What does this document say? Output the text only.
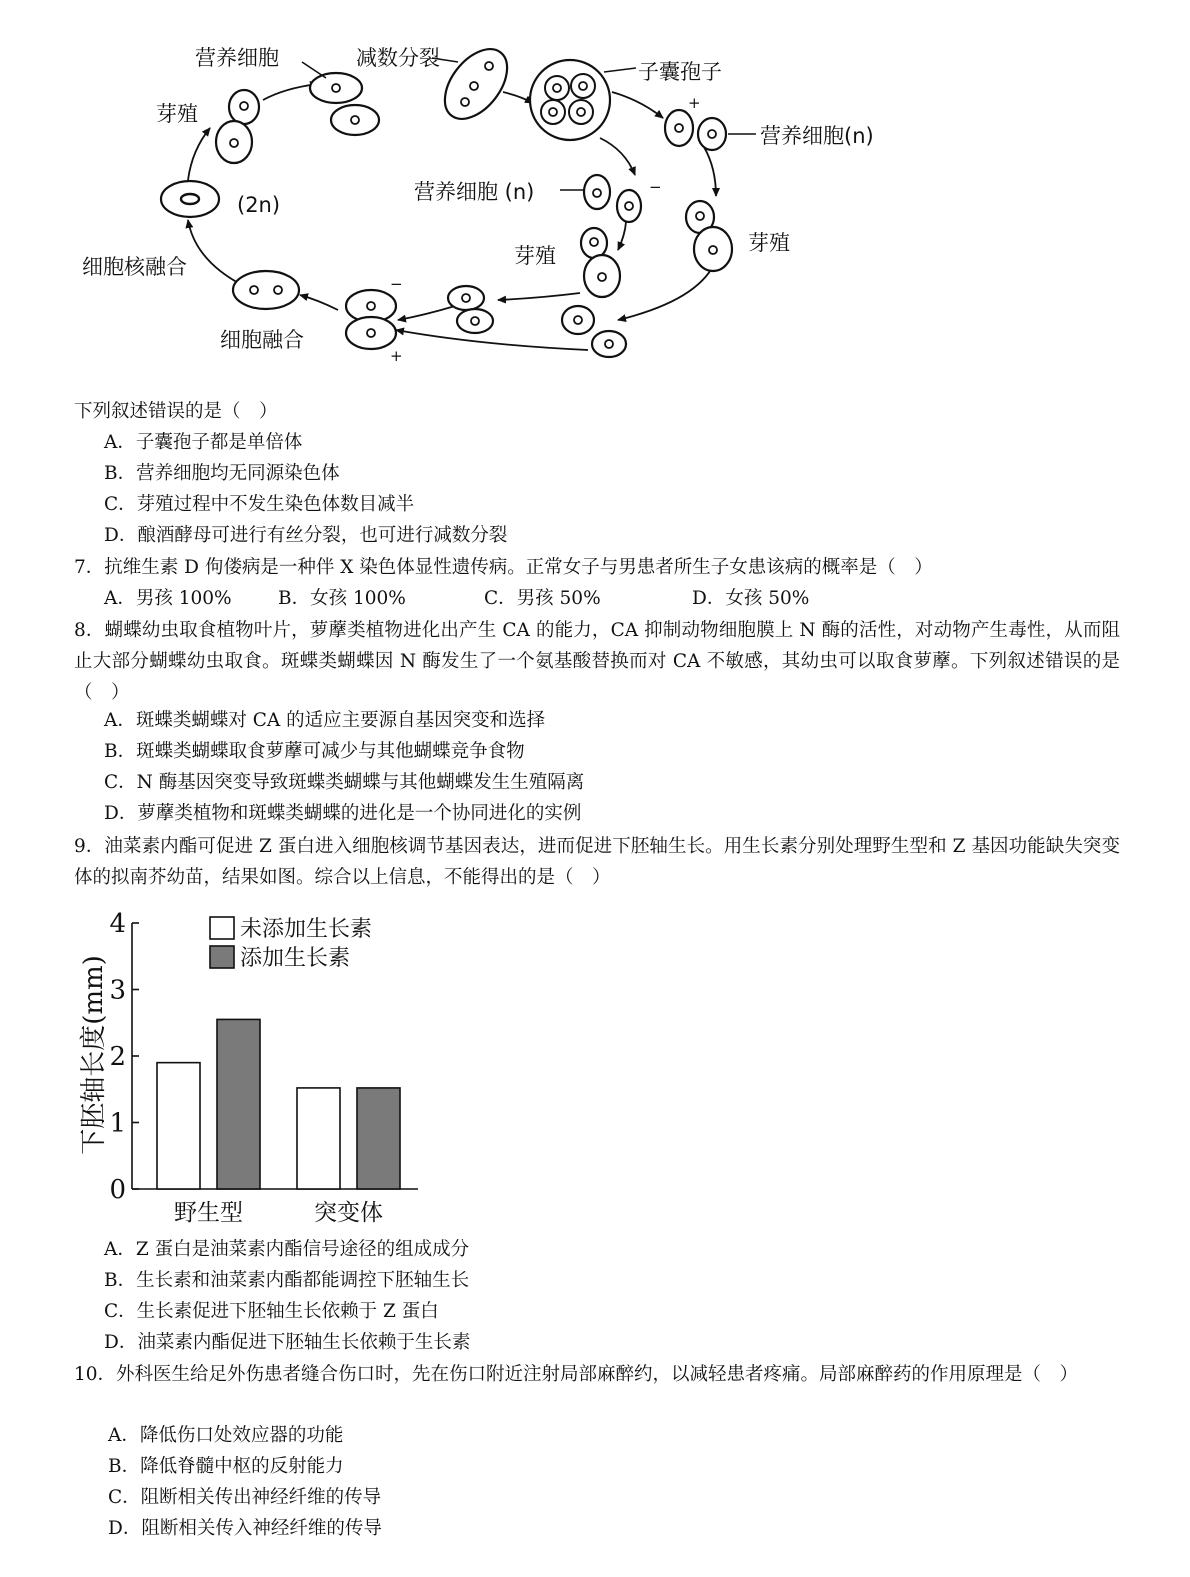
营养细胞	减数分裂
子囊孢子
营养细胞(n)
营养细胞 (n)
芽殖
芽殖
芽殖
(2n)
细胞核融合
细胞融合
+
−
−
+
下列叙述错误的是（　）
A．子囊孢子都是单倍体
B．营养细胞均无同源染色体
C．芽殖过程中不发生染色体数目减半
D．酿酒酵母可进行有丝分裂，也可进行减数分裂
7．抗维生素 D 佝偻病是一种伴 X 染色体显性遗传病。正常女子与男患者所生子女患该病的概率是（　）
A．男孩 100%	B．女孩 100%	C．男孩 50%	D．女孩 50%
8．蝴蝶幼虫取食植物叶片，萝藦类植物进化出产生 CA 的能力，CA 抑制动物细胞膜上 N 酶的活性，对动物产生毒性，从而阻止大部分蝴蝶幼虫取食。斑蝶类蝴蝶因 N 酶发生了一个氨基酸替换而对 CA 不敏感，其幼虫可以取食萝藦。下列叙述错误的是（　）
A．斑蝶类蝴蝶对 CA 的适应主要源自基因突变和选择
B．斑蝶类蝴蝶取食萝藦可减少与其他蝴蝶竞争食物
C．N 酶基因突变导致斑蝶类蝴蝶与其他蝴蝶发生生殖隔离
D．萝藦类植物和斑蝶类蝴蝶的进化是一个协同进化的实例
9．油菜素内酯可促进 Z 蛋白进入细胞核调节基因表达，进而促进下胚轴生长。用生长素分别处理野生型和 Z 基因功能缺失突变体的拟南芥幼苗，结果如图。综合以上信息，不能得出的是（　）
下胚轴长度(mm)
未添加生长素
添加生长素
0
1
2
3
4
野生型	突变体
A．Z 蛋白是油菜素内酯信号途径的组成成分
B．生长素和油菜素内酯都能调控下胚轴生长
C．生长素促进下胚轴生长依赖于 Z 蛋白
D．油菜素内酯促进下胚轴生长依赖于生长素
10．外科医生给足外伤患者缝合伤口时，先在伤口附近注射局部麻醉约，以减轻患者疼痛。局部麻醉药的作用原理是（　）
A．降低伤口处效应器的功能
B．降低脊髓中枢的反射能力
C．阻断相关传出神经纤维的传导
D．阻断相关传入神经纤维的传导
